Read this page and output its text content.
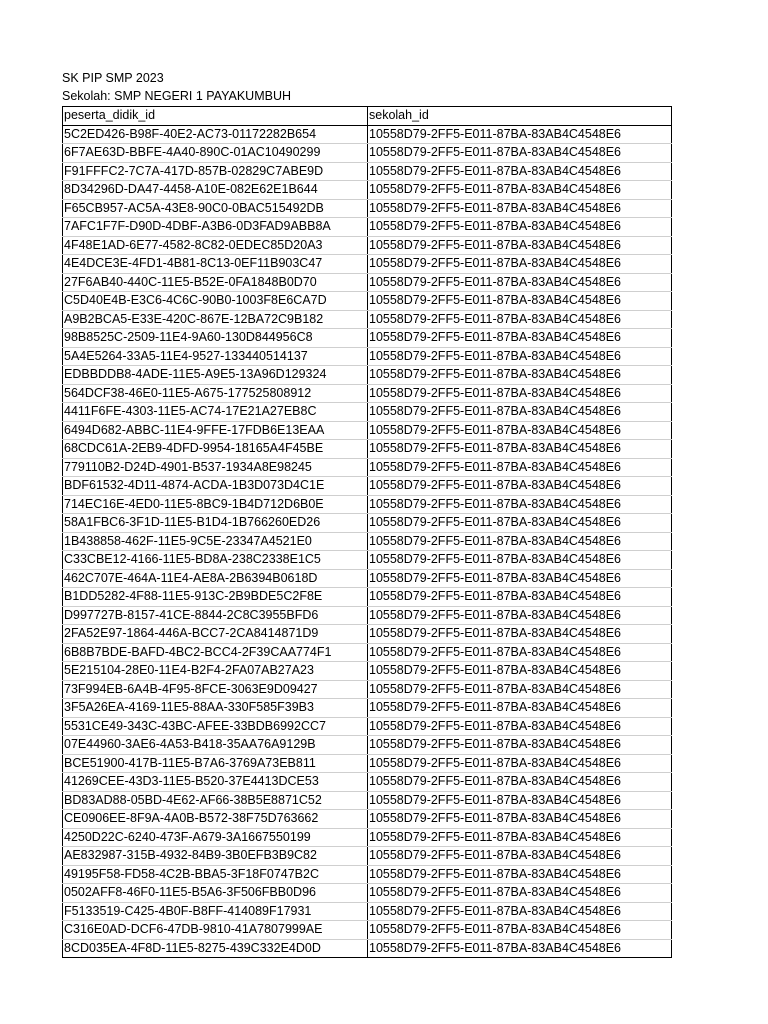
SK PIP SMP 2023
Sekolah: SMP NEGERI 1 PAYAKUMBUH
peserta_didik_id	sekolah_id
5C2ED426-B98F-40E2-AC73-01172282B654	10558D79-2FF5-E011-87BA-83AB4C4548E6
6F7AE63D-BBFE-4A40-890C-01AC10490299	10558D79-2FF5-E011-87BA-83AB4C4548E6
F91FFFC2-7C7A-417D-857B-02829C7ABE9D	10558D79-2FF5-E011-87BA-83AB4C4548E6
8D34296D-DA47-4458-A10E-082E62E1B644	10558D79-2FF5-E011-87BA-83AB4C4548E6
F65CB957-AC5A-43E8-90C0-0BAC515492DB	10558D79-2FF5-E011-87BA-83AB4C4548E6
7AFC1F7F-D90D-4DBF-A3B6-0D3FAD9ABB8A	10558D79-2FF5-E011-87BA-83AB4C4548E6
4F48E1AD-6E77-4582-8C82-0EDEC85D20A3	10558D79-2FF5-E011-87BA-83AB4C4548E6
4E4DCE3E-4FD1-4B81-8C13-0EF11B903C47	10558D79-2FF5-E011-87BA-83AB4C4548E6
27F6AB40-440C-11E5-B52E-0FA1848B0D70	10558D79-2FF5-E011-87BA-83AB4C4548E6
C5D40E4B-E3C6-4C6C-90B0-1003F8E6CA7D	10558D79-2FF5-E011-87BA-83AB4C4548E6
A9B2BCA5-E33E-420C-867E-12BA72C9B182	10558D79-2FF5-E011-87BA-83AB4C4548E6
98B8525C-2509-11E4-9A60-130D844956C8	10558D79-2FF5-E011-87BA-83AB4C4548E6
5A4E5264-33A5-11E4-9527-133440514137	10558D79-2FF5-E011-87BA-83AB4C4548E6
EDBBDDB8-4ADE-11E5-A9E5-13A96D129324	10558D79-2FF5-E011-87BA-83AB4C4548E6
564DCF38-46E0-11E5-A675-177525808912	10558D79-2FF5-E011-87BA-83AB4C4548E6
4411F6FE-4303-11E5-AC74-17E21A27EB8C	10558D79-2FF5-E011-87BA-83AB4C4548E6
6494D682-ABBC-11E4-9FFE-17FDB6E13EAA	10558D79-2FF5-E011-87BA-83AB4C4548E6
68CDC61A-2EB9-4DFD-9954-18165A4F45BE	10558D79-2FF5-E011-87BA-83AB4C4548E6
779110B2-D24D-4901-B537-1934A8E98245	10558D79-2FF5-E011-87BA-83AB4C4548E6
BDF61532-4D11-4874-ACDA-1B3D073D4C1E	10558D79-2FF5-E011-87BA-83AB4C4548E6
714EC16E-4ED0-11E5-8BC9-1B4D712D6B0E	10558D79-2FF5-E011-87BA-83AB4C4548E6
58A1FBC6-3F1D-11E5-B1D4-1B766260ED26	10558D79-2FF5-E011-87BA-83AB4C4548E6
1B438858-462F-11E5-9C5E-23347A4521E0	10558D79-2FF5-E011-87BA-83AB4C4548E6
C33CBE12-4166-11E5-BD8A-238C2338E1C5	10558D79-2FF5-E011-87BA-83AB4C4548E6
462C707E-464A-11E4-AE8A-2B6394B0618D	10558D79-2FF5-E011-87BA-83AB4C4548E6
B1DD5282-4F88-11E5-913C-2B9BDE5C2F8E	10558D79-2FF5-E011-87BA-83AB4C4548E6
D997727B-8157-41CE-8844-2C8C3955BFD6	10558D79-2FF5-E011-87BA-83AB4C4548E6
2FA52E97-1864-446A-BCC7-2CA8414871D9	10558D79-2FF5-E011-87BA-83AB4C4548E6
6B8B7BDE-BAFD-4BC2-BCC4-2F39CAA774F1	10558D79-2FF5-E011-87BA-83AB4C4548E6
5E215104-28E0-11E4-B2F4-2FA07AB27A23	10558D79-2FF5-E011-87BA-83AB4C4548E6
73F994EB-6A4B-4F95-8FCE-3063E9D09427	10558D79-2FF5-E011-87BA-83AB4C4548E6
3F5A26EA-4169-11E5-88AA-330F585F39B3	10558D79-2FF5-E011-87BA-83AB4C4548E6
5531CE49-343C-43BC-AFEE-33BDB6992CC7	10558D79-2FF5-E011-87BA-83AB4C4548E6
07E44960-3AE6-4A53-B418-35AA76A9129B	10558D79-2FF5-E011-87BA-83AB4C4548E6
BCE51900-417B-11E5-B7A6-3769A73EB811	10558D79-2FF5-E011-87BA-83AB4C4548E6
41269CEE-43D3-11E5-B520-37E4413DCE53	10558D79-2FF5-E011-87BA-83AB4C4548E6
BD83AD88-05BD-4E62-AF66-38B5E8871C52	10558D79-2FF5-E011-87BA-83AB4C4548E6
CE0906EE-8F9A-4A0B-B572-38F75D763662	10558D79-2FF5-E011-87BA-83AB4C4548E6
4250D22C-6240-473F-A679-3A1667550199	10558D79-2FF5-E011-87BA-83AB4C4548E6
AE832987-315B-4932-84B9-3B0EFB3B9C82	10558D79-2FF5-E011-87BA-83AB4C4548E6
49195F58-FD58-4C2B-BBA5-3F18F0747B2C	10558D79-2FF5-E011-87BA-83AB4C4548E6
0502AFF8-46F0-11E5-B5A6-3F506FBB0D96	10558D79-2FF5-E011-87BA-83AB4C4548E6
F5133519-C425-4B0F-B8FF-414089F17931	10558D79-2FF5-E011-87BA-83AB4C4548E6
C316E0AD-DCF6-47DB-9810-41A7807999AE	10558D79-2FF5-E011-87BA-83AB4C4548E6
8CD035EA-4F8D-11E5-8275-439C332E4D0D	10558D79-2FF5-E011-87BA-83AB4C4548E6
